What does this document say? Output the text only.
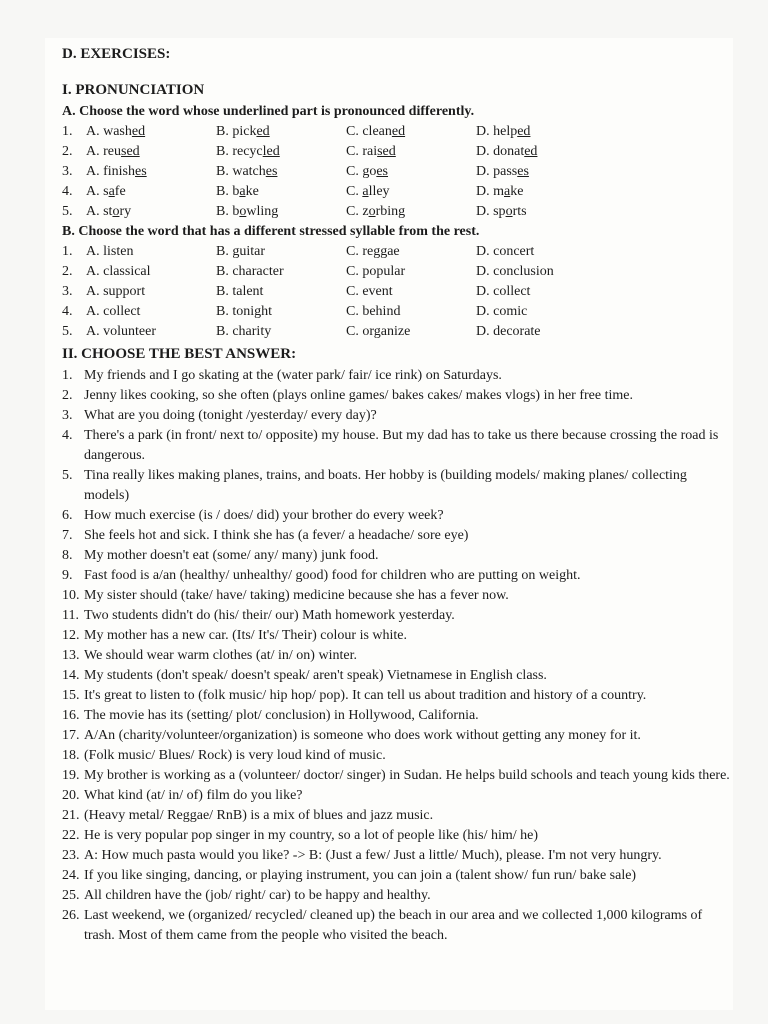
D. EXERCISES:
I. PRONUNCIATION
A. Choose the word whose underlined part is pronounced differently.
1. A. washed	B. picked	C. cleaned	D. helped
2. A. reused	B. recycled	C. raised	D. donated
3. A. finishes	B. watches	C. goes	D. passes
4. A. safe	B. bake	C. alley	D. make
5. A. story	B. bowling	C. zorbing	D. sports
B. Choose the word that has a different stressed syllable from the rest.
1. A. listen	B. guitar	C. reggae	D. concert
2. A. classical	B. character	C. popular	D. conclusion
3. A. support	B. talent	C. event	D. collect
4. A. collect	B. tonight	C. behind	D. comic
5. A. volunteer	B. charity	C. organize	D. decorate
II. CHOOSE THE BEST ANSWER:
1. My friends and I go skating at the (water park/ fair/ ice rink) on Saturdays.
2. Jenny likes cooking, so she often (plays online games/ bakes cakes/ makes vlogs) in her free time.
3. What are you doing (tonight /yesterday/ every day)?
4. There's a park (in front/ next to/ opposite) my house. But my dad has to take us there because crossing the road is dangerous.
5. Tina really likes making planes, trains, and boats. Her hobby is (building models/ making planes/ collecting models)
6. How much exercise (is / does/ did) your brother do every week?
7. She feels hot and sick. I think she has (a fever/ a headache/ sore eye)
8. My mother doesn't eat (some/ any/ many) junk food.
9. Fast food is a/an (healthy/ unhealthy/ good) food for children who are putting on weight.
10. My sister should (take/ have/ taking) medicine because she has a fever now.
11. Two students didn't do (his/ their/ our) Math homework yesterday.
12. My mother has a new car. (Its/ It's/ Their) colour is white.
13. We should wear warm clothes (at/ in/ on) winter.
14. My students (don't speak/ doesn't speak/ aren't speak) Vietnamese in English class.
15. It's great to listen to (folk music/ hip hop/ pop). It can tell us about tradition and history of a country.
16. The movie has its (setting/ plot/ conclusion) in Hollywood, California.
17. A/An (charity/volunteer/organization) is someone who does work without getting any money for it.
18. (Folk music/ Blues/ Rock) is very loud kind of music.
19. My brother is working as a (volunteer/ doctor/ singer) in Sudan. He helps build schools and teach young kids there.
20. What kind (at/ in/ of) film do you like?
21. (Heavy metal/ Reggae/ RnB) is a mix of blues and jazz music.
22. He is very popular pop singer in my country, so a lot of people like (his/ him/ he)
23. A: How much pasta would you like? -> B: (Just a few/ Just a little/ Much), please. I'm not very hungry.
24. If you like singing, dancing, or playing instrument, you can join a (talent show/ fun run/ bake sale)
25. All children have the (job/ right/ car) to be happy and healthy.
26. Last weekend, we (organized/ recycled/ cleaned up) the beach in our area and we collected 1,000 kilograms of trash. Most of them came from the people who visited the beach.
